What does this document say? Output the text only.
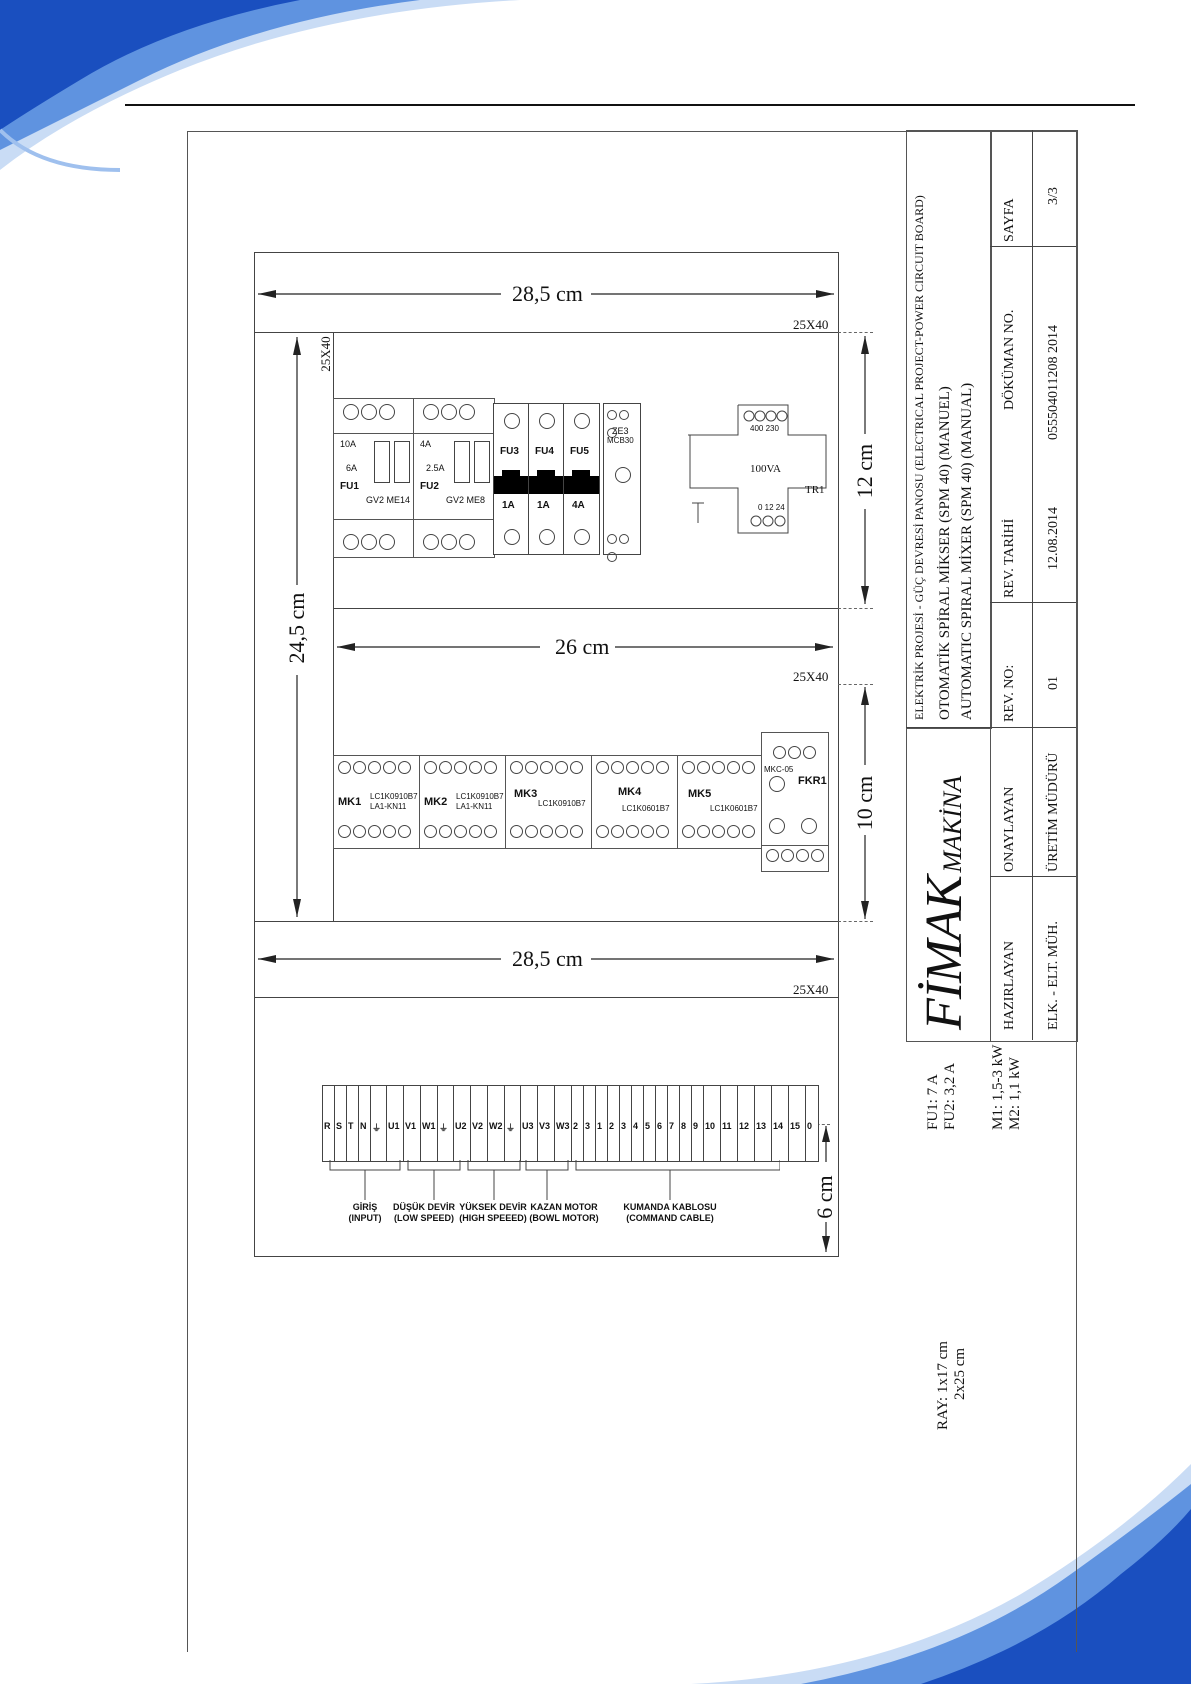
28,5 cm
25X40
26 cm
25X40
28,5 cm
25X40
24,5 cm
25X40
12 cm
10 cm
6 cm
10A
6A
FU1
GV2 ME14
4A
2.5A
FU2
GV2 ME8
FU3
1A
FU4
1A
FU5
4A
ZE3
MCB30
100VA
TR1
400 230
0 12 24
MK1 LC1K0910B7
LA1-KN11 MK2 LC1K0910B7
LA1-KN11
MK3
LC1K0910B7
MK4
LC1K0601B7
MK5
LC1K0601B7
MKC-05
FKR1
R S T N ⏚ U1 V1 W1 ⏚ U2 V2 W2 ⏚ U3 V3 W3 2 3 1 2 3 4 5 6 7 8 9 10 11 12 13 14 15 0
GİRİŞ
(INPUT)
DÜŞÜK DEVİR
(LOW SPEED)
YÜKSEK DEVİR
(HIGH SPEEED)
KAZAN MOTOR
(BOWL MOTOR)
KUMANDA KABLOSU
(COMMAND CABLE)
FU1: 7 A FU2: 3,2 A M1: 1,5-3 kW M2: 1,1 kW
RAY: 1x17 cm 2x25 cm
ELEKTRİK PROJESİ - GÜÇ DEVRESİ PANOSU (ELECTRICAL PROJECT-POWER CIRCUIT BOARD) OTOMATİK SPİRAL MİKSER (SPM 40) (MANUEL) AUTOMATIC SPIRAL MİXER (SPM 40) (MANUAL)
FİMAK MAKİNA
HAZIRLAYAN
ONAYLAYAN
REV. NO:
REV. TARİHİ
DÖKÜMAN NO.
SAYFA
ELK. - ELT. MÜH.
ÜRETİM MÜDÜRÜ
01
12.08.2014
055504011208 2014
3/3
